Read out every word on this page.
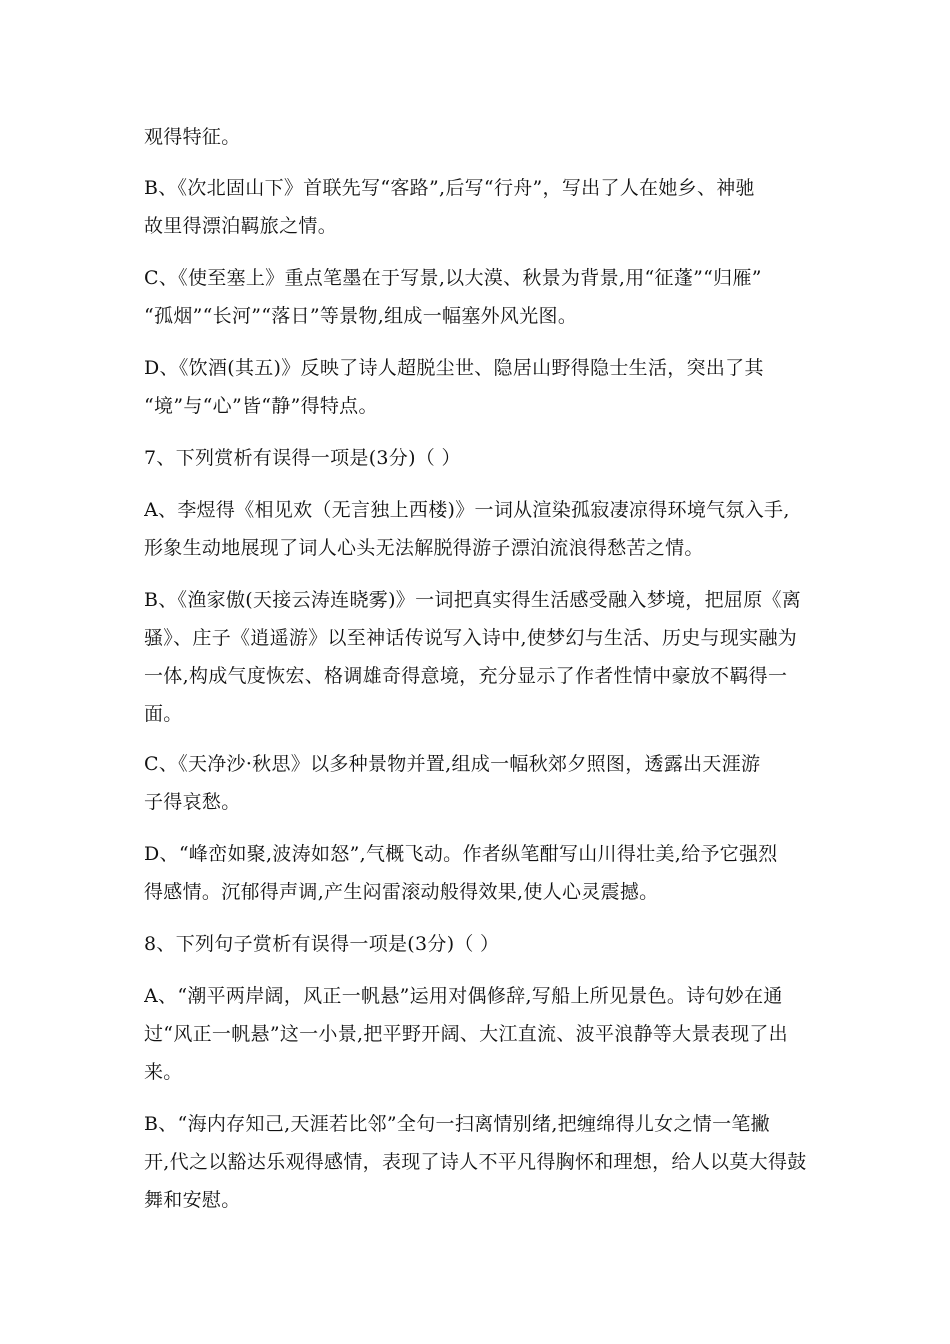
观得特征。
B、《次北固山下》首联先写“客路”,后写“行舟”，写出了人在她乡、神驰
故里得漂泊羁旅之情。
C、《使至塞上》重点笔墨在于写景,以大漠、秋景为背景,用“征蓬”“归雁”
“孤烟”“长河”“落日”等景物,组成一幅塞外风光图。
D、《饮酒(其五)》反映了诗人超脱尘世、隐居山野得隐士生活，突出了其
“境”与“心”皆“静”得特点。
7、下列赏析有误得一项是(3分)（ ）
A、李煜得《相见欢（无言独上西楼)》一词从渲染孤寂凄凉得环境气氛入手,
形象生动地展现了词人心头无法解脱得游子漂泊流浪得愁苦之情。
B、《渔家傲(天接云涛连晓雾)》一词把真实得生活感受融入梦境，把屈原《离
骚》、庄子《逍遥游》以至神话传说写入诗中,使梦幻与生活、历史与现实融为
一体,构成气度恢宏、格调雄奇得意境，充分显示了作者性情中豪放不羁得一
面。
C、《天净沙·秋思》以多种景物并置,组成一幅秋郊夕照图，透露出天涯游
子得哀愁。
D、“峰峦如聚,波涛如怒”,气概飞动。作者纵笔酣写山川得壮美,给予它强烈
得感情。沉郁得声调,产生闷雷滚动般得效果,使人心灵震撼。
8、下列句子赏析有误得一项是(3分)（ ）
A、“潮平两岸阔，风正一帆悬”运用对偶修辞,写船上所见景色。诗句妙在通
过“风正一帆悬”这一小景,把平野开阔、大江直流、波平浪静等大景表现了出
来。
B、“海内存知己,天涯若比邻”全句一扫离情别绪,把缠绵得儿女之情一笔撇
开,代之以豁达乐观得感情，表现了诗人不平凡得胸怀和理想，给人以莫大得鼓
舞和安慰。
